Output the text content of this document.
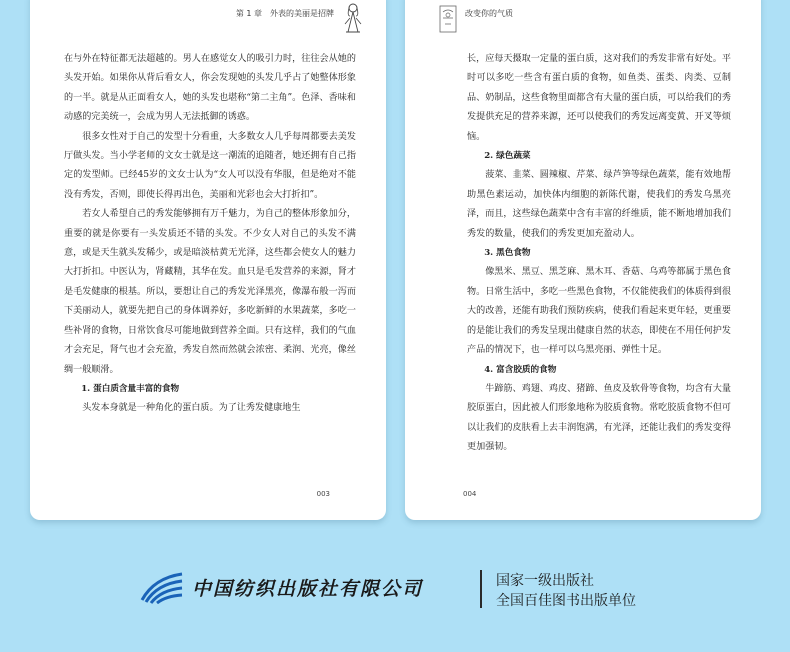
第 1 章　外表的美丽是招牌

在与外在特征都无法超越的。男人在感觉女人的吸引力时，往往会从她的头发开始。如果你从背后看女人，你会发现她的头发几乎占了她整体形象的一半。就是从正面看女人，她的头发也堪称“第二主角”。色泽、香味和动感的完美统一，会成为男人无法抵御的诱惑。

很多女性对于自己的发型十分看重，大多数女人几乎每周都要去美发厅做头发。当小学老师的文女士就是这一潮流的追随者，她还拥有自己指定的发型师。已经45岁的文女士认为“女人可以没有华服，但是绝对不能没有秀发，否则，即使长得再出色，美丽和光彩也会大打折扣”。

若女人希望自己的秀发能够拥有万千魅力，为自己的整体形象加分，重要的就是你要有一头发质还不错的头发。不少女人对自己的头发不满意，或是天生就头发稀少，或是暗淡枯黄无光泽，这些都会使女人的魅力大打折扣。中医认为，肾藏精，其华在发。血只是毛发营养的来源，肾才是毛发健康的根基。所以，要想让自己的秀发光泽黑亮，像瀑布般一泻而下美丽动人，就要先把自己的身体调养好，多吃新鲜的水果蔬菜，多吃一些补肾的食物，日常饮食尽可能地做到营养全面。只有这样，我们的气血才会充足，肾气也才会充盈，秀发自然而然就会浓密、柔润、光亮，像丝绸一般顺滑。

1. 蛋白质含量丰富的食物

头发本身就是一种角化的蛋白质。为了让秀发健康地生

003
改变你的气质

长，应每天摄取一定量的蛋白质，这对我们的秀发非常有好处。平时可以多吃一些含有蛋白质的食物，如鱼类、蛋类、肉类、豆制品、奶制品，这些食物里面都含有大量的蛋白质，可以给我们的秀发提供充足的营养来源，还可以使我们的秀发远离变黄、开叉等烦恼。

2. 绿色蔬菜

菠菜、韭菜、圆辣椒、芹菜、绿芦笋等绿色蔬菜，能有效地帮助黑色素运动，加快体内细胞的新陈代谢，使我们的秀发乌黑亮泽，而且，这些绿色蔬菜中含有丰富的纤维质，能不断地增加我们秀发的数量，使我们的秀发更加充盈动人。

3. 黑色食物

像黑米、黑豆、黑芝麻、黑木耳、香菇、乌鸡等都属于黑色食物。日常生活中，多吃一些黑色食物，不仅能使我们的体质得到很大的改善，还能有助我们预防疾病，使我们看起来更年轻，更重要的是能让我们的秀发呈现出健康自然的状态，即使在不用任何护发产品的情况下，也一样可以乌黑亮丽、弹性十足。

4. 富含胶质的食物

牛蹄筋、鸡翅、鸡皮、猪蹄、鱼皮及软骨等食物，均含有大量胶原蛋白，因此被人们形象地称为胶质食物。常吃胶质食物不但可以让我们的皮肤看上去丰润饱满，有光泽，还能让我们的秀发变得更加强韧。

004
中国纺织出版社有限公司	国家一级出版社
全国百佳图书出版单位
